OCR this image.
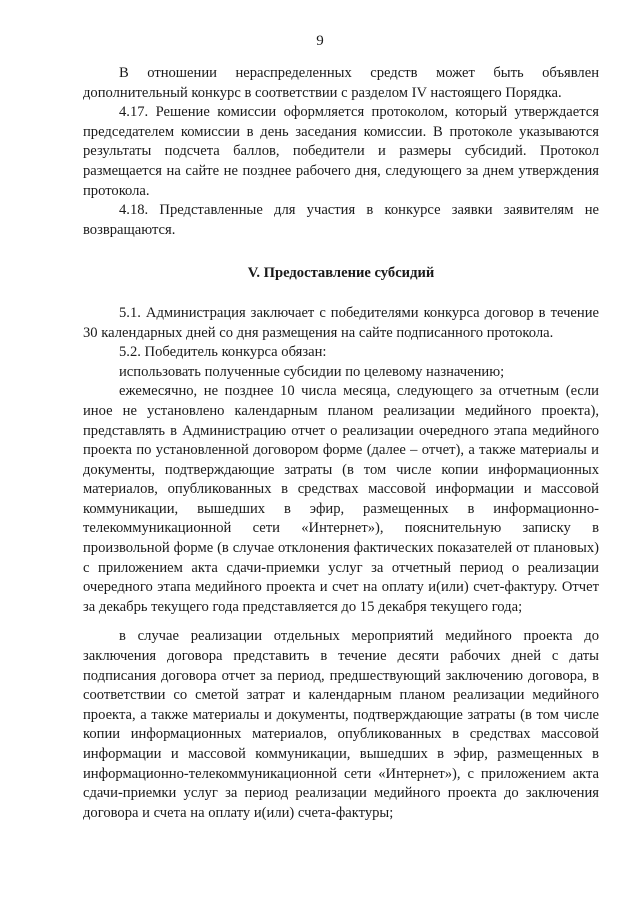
9

В отношении нераспределенных средств может быть объявлен дополнительный конкурс в соответствии с разделом IV настоящего Порядка.

4.17. Решение комиссии оформляется протоколом, который утверждается председателем комиссии в день заседания комиссии. В протоколе указываются результаты подсчета баллов, победители и размеры субсидий. Протокол размещается на сайте не позднее рабочего дня, следующего за днем утверждения протокола.

4.18. Представленные для участия в конкурсе заявки заявителям не возвращаются.

V. Предоставление субсидий

5.1. Администрация заключает с победителями конкурса договор в течение 30 календарных дней со дня размещения на сайте подписанного протокола.

5.2. Победитель конкурса обязан:

использовать полученные субсидии по целевому назначению;

ежемесячно, не позднее 10 числа месяца, следующего за отчетным (если иное не установлено календарным планом реализации медийного проекта), представлять в Администрацию отчет о реализации очередного этапа медийного проекта по установленной договором форме (далее – отчет), а также материалы и документы, подтверждающие затраты (в том числе копии информационных материалов, опубликованных в средствах массовой информации и массовой коммуникации, вышедших в эфир, размещенных в информационно-телекоммуникационной сети «Интернет»), пояснительную записку в произвольной форме (в случае отклонения фактических показателей от плановых) с приложением акта сдачи-приемки услуг за отчетный период о реализации очередного этапа медийного проекта и счет на оплату и(или) счет-фактуру. Отчет за декабрь текущего года представляется до 15 декабря текущего года;

в случае реализации отдельных мероприятий медийного проекта до заключения договора представить в течение десяти рабочих дней с даты подписания договора отчет за период, предшествующий заключению договора, в соответствии со сметой затрат и календарным планом реализации медийного проекта, а также материалы и документы, подтверждающие затраты (в том числе копии информационных материалов, опубликованных в средствах массовой информации и массовой коммуникации, вышедших в эфир, размещенных в информационно-телекоммуникационной сети «Интернет»), с приложением акта сдачи-приемки услуг за период реализации медийного проекта до заключения договора и счета на оплату и(или) счета-фактуры;
